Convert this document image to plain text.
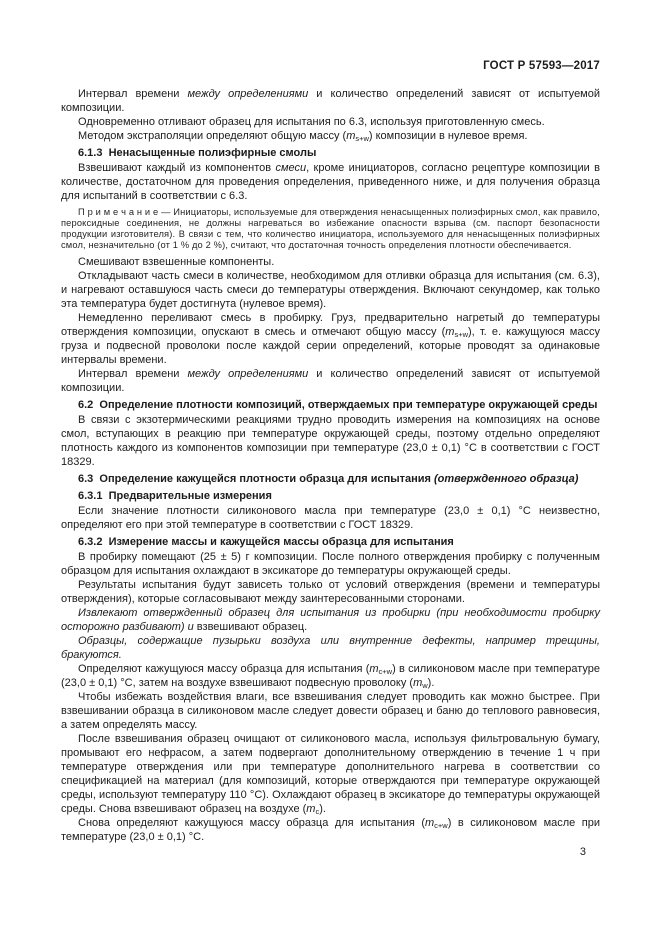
ГОСТ Р 57593—2017

Интервал времени между определениями и количество определений зависят от испытуемой композиции.

Одновременно отливают образец для испытания по 6.3, используя приготовленную смесь.

Методом экстраполяции определяют общую массу $(m_{s+w})$ композиции в нулевое время.

6.1.3  Ненасыщенные полиэфирные смолы

Взвешивают каждый из компонентов смеси, кроме инициаторов, согласно рецептуре композиции в количестве, достаточном для проведения определения, приведенного ниже, и для получения образца для испытаний в соответствии с 6.3.

П р и м е ч а н и е — Инициаторы, используемые для отверждения ненасыщенных полиэфирных смол, как правило, пероксидные соединения, не должны нагреваться во избежание опасности взрыва (см. паспорт безопасности продукции изготовителя). В связи с тем, что количество инициатора, используемого для ненасыщенных полиэфирных смол, незначительно (от 1 % до 2 %), считают, что достаточная точность определения плотности обеспечивается.

Смешивают взвешенные компоненты.

Откладывают часть смеси в количестве, необходимом для отливки образца для испытания (см. 6.3), и нагревают оставшуюся часть смеси до температуры отверждения. Включают секундомер, как только эта температура будет достигнута (нулевое время).

Немедленно переливают смесь в пробирку. Груз, предварительно нагретый до температуры отверждения композиции, опускают в смесь и отмечают общую массу $(m_{s+w})$, т. е. кажущуюся массу груза и подвесной проволоки после каждой серии определений, которые проводят за одинаковые интервалы времени.

Интервал времени между определениями и количество определений зависят от испытуемой композиции.

6.2  Определение плотности композиций, отверждаемых при температуре окружающей среды

В связи с экзотермическими реакциями трудно проводить измерения на композициях на основе смол, вступающих в реакцию при температуре окружающей среды, поэтому отдельно определяют плотность каждого из компонентов композиции при температуре (23,0 ± 0,1) °С в соответствии с ГОСТ 18329.

6.3  Определение кажущейся плотности образца для испытания (отвержденного образца)

6.3.1  Предварительные измерения

Если значение плотности силиконового масла при температуре (23,0 ± 0,1) °С неизвестно, определяют его при этой температуре в соответствии с ГОСТ 18329.

6.3.2  Измерение массы и кажущейся массы образца для испытания

В пробирку помещают (25 ± 5) г композиции. После полного отверждения пробирку с полученным образцом для испытания охлаждают в эксикаторе до температуры окружающей среды.

Результаты испытания будут зависеть только от условий отверждения (времени и температуры отверждения), которые согласовывают между заинтересованными сторонами.

Извлекают отвержденный образец для испытания из пробирки (при необходимости пробирку осторожно разбивают) и взвешивают образец.

Образцы, содержащие пузырьки воздуха или внутренние дефекты, например трещины, бракуются.

Определяют кажущуюся массу образца для испытания $(m_{c+w})$ в силиконовом масле при температуре (23,0 ± 0,1) °С, затем на воздухе взвешивают подвесную проволоку $(m_w)$.

Чтобы избежать воздействия влаги, все взвешивания следует проводить как можно быстрее. При взвешивании образца в силиконовом масле следует довести образец и баню до теплового равновесия, а затем определять массу.

После взвешивания образец очищают от силиконового масла, используя фильтровальную бумагу, промывают его нефрасом, а затем подвергают дополнительному отверждению в течение 1 ч при температуре отверждения или при температуре дополнительного нагрева в соответствии со спецификацией на материал (для композиций, которые отверждаются при температуре окружающей среды, используют температуру 110 °С). Охлаждают образец в эксикаторе до температуры окружающей среды. Снова взвешивают образец на воздухе $(m_c)$.

Снова определяют кажущуюся массу образца для испытания $(m_{c+w})$ в силиконовом масле при температуре (23,0 ± 0,1) °С.

3
